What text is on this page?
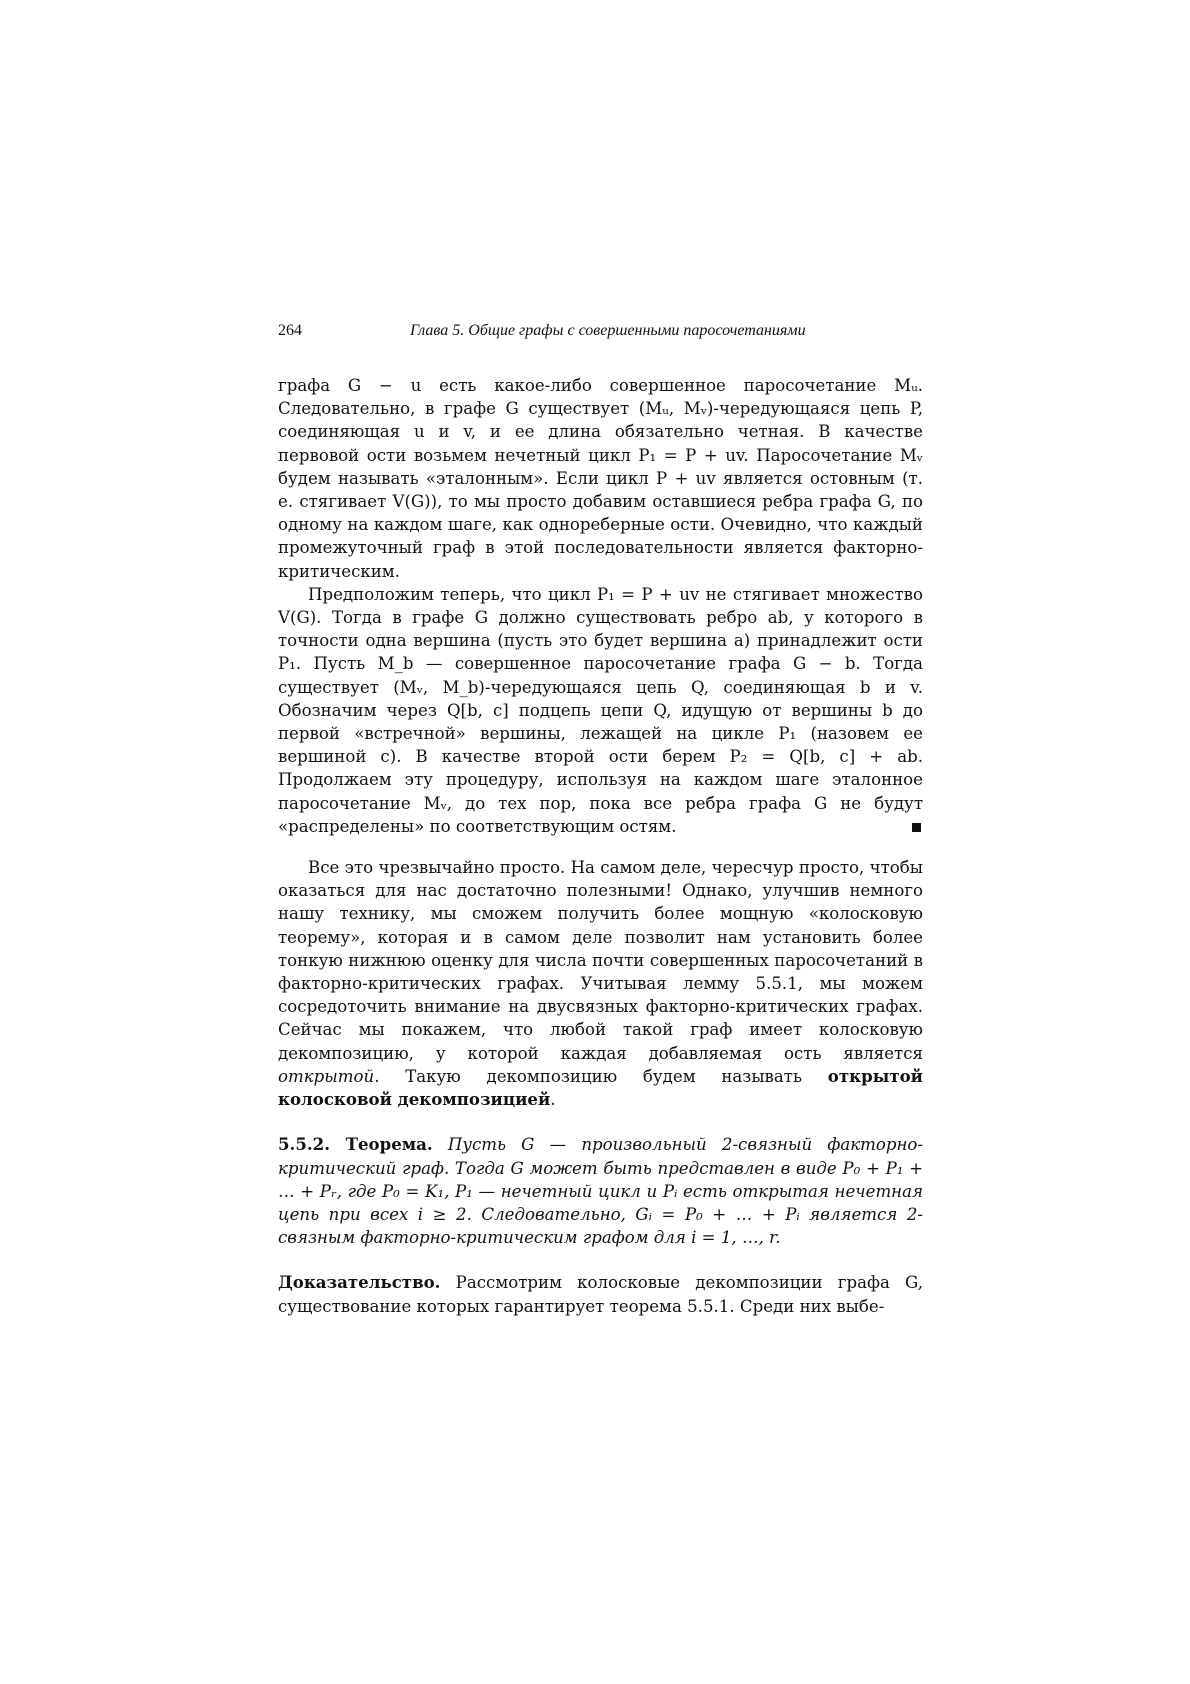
264	Глава 5. Общие графы с совершенными паросочетаниями

графа G − u есть какое-либо совершенное паросочетание Mᵤ. Следовательно, в графе G существует (Mᵤ, Mᵥ)-чередующаяся цепь P, соединяющая u и v, и ее длина обязательно четная. В качестве первовой ости возьмем нечетный цикл P₁ = P + uv. Паросочетание Mᵥ будем называть «эталонным». Если цикл P + uv является остовным (т. е. стягивает V(G)), то мы просто добавим оставшиеся ребра графа G, по одному на каждом шаге, как однореберные ости. Очевидно, что каждый промежуточный граф в этой последовательности является факторно-критическим.

Предположим теперь, что цикл P₁ = P + uv не стягивает множество V(G). Тогда в графе G должно существовать ребро ab, у которого в точности одна вершина (пусть это будет вершина a) принадлежит ости P₁. Пусть M_b — совершенное паросочетание графа G − b. Тогда существует (Mᵥ, M_b)-чередующаяся цепь Q, соединяющая b и v. Обозначим через Q[b, c] подцепь цепи Q, идущую от вершины b до первой «встречной» вершины, лежащей на цикле P₁ (назовем ее вершиной c). В качестве второй ости берем P₂ = Q[b, c] + ab. Продолжаем эту процедуру, используя на каждом шаге эталонное паросочетание Mᵥ, до тех пор, пока все ребра графа G не будут «распределены» по соответствующим остям.

Все это чрезвычайно просто. На самом деле, чересчур просто, чтобы оказаться для нас достаточно полезными! Однако, улучшив немного нашу технику, мы сможем получить более мощную «колосковую теорему», которая и в самом деле позволит нам установить более тонкую нижнюю оценку для числа почти совершенных паросочетаний в факторно-критических графах. Учитывая лемму 5.5.1, мы можем сосредоточить внимание на двусвязных факторно-критических графах. Сейчас мы покажем, что любой такой граф имеет колосковую декомпозицию, у которой каждая добавляемая ость является открытой. Такую декомпозицию будем называть открытой колосковой декомпозицией.

5.5.2. Теорема. Пусть G — произвольный 2-связный факторно-критический граф. Тогда G может быть представлен в виде P₀ + P₁ + … + Pᵣ, где P₀ = K₁, P₁ — нечетный цикл и Pᵢ есть открытая нечетная цепь при всех i ≥ 2. Следовательно, Gᵢ = P₀ + … + Pᵢ является 2-связным факторно-критическим графом для i = 1, …, r.

Доказательство. Рассмотрим колосковые декомпозиции графа G, существование которых гарантирует теорема 5.5.1. Среди них выбе-
